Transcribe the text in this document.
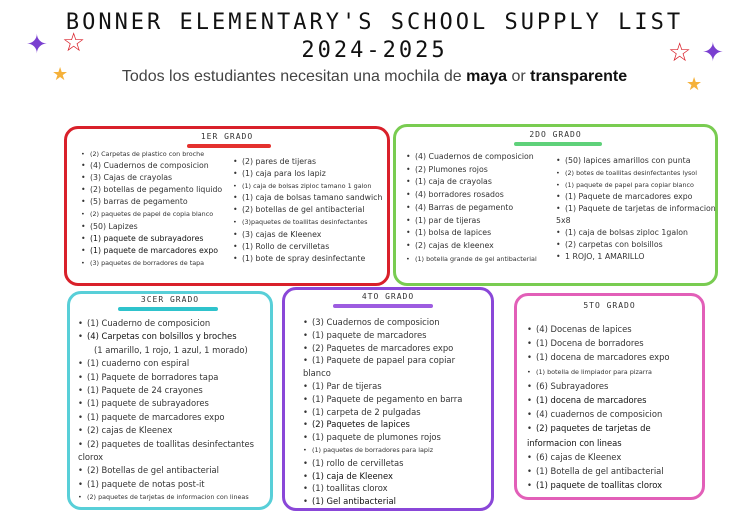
BONNER ELEMENTARY'S SCHOOL SUPPLY LIST
2024-2025
Todos los estudiantes necesitan una mochila de maya or transparente
✦ ☆
★
☆ ✦
★
1ER GRADO
• (2) Carpetas de plastico con broche
• (4) Cuadernos de composicion
• (3) Cajas de crayolas
• (2) botellas de pegamento liquido
• (5) barras de pegamento
• (2) paquetes de papel de copia blanco
• (50) Lapizes
• (1) paquete de subrayadores
• (1) paquete de marcadores expo
• (3) paquetes de borradores de tapa
• (2) pares de tijeras
• (1) caja para los lapiz
• (1) caja de bolsas ziploc tamano 1 galon
• (1) caja de bolsas tamano sandwich
• (2) botellas de gel antibacterial
• (3)paquetes de toallitas desinfectantes
• (3) cajas de Kleenex
• (1) Rollo de cervilletas
• (1) bote de spray desinfectante
2DO GRADO
• (4) Cuadernos de composicion
• (2) Plumones rojos
• (1) caja de crayolas
• (4) borradores rosados
• (4) Barras de pegamento
• (1) par de tijeras
• (1) bolsa de lapices
• (2) cajas de kleenex
• (1) botella grande de gel antibacterial
• (50) lapices amarillos con punta
• (2) botes de toallitas desinfectantes lysol
• (1) paquete de papel para copiar blanco
• (1) Paquete de marcadores expo
• (1) Paquete de tarjetas de informacion
5x8
• (1) caja de bolsas ziploc 1galon
• (2) carpetas con bolsillos
• 1 ROJO, 1 AMARILLO
3CER GRADO
• (1) Cuaderno de composicion
• (4) Carpetas con bolsillos y broches
(1 amarillo, 1 rojo, 1 azul, 1 morado)
• (1) cuaderno con espiral
• (1) Paquete de borradores tapa
• (1) Paquete de 24 crayones
• (1) paquete de subrayadores
• (1) paquete de marcadores expo
• (2) cajas de Kleenex
• (2) paquetes de toallitas desinfectantes
clorox
• (2) Botellas de gel antibacterial
• (1) paquete de notas post-it
• (2) paquetes de tarjetas de informacion con lineas
4TO GRADO
• (3) Cuadernos de composicion
• (1) paquete de marcadores
• (2) Paquetes de marcadores expo
• (1) Paquete de papael para copiar
blanco
• (1) Par de tijeras
• (1) Paquete de pegamento en barra
• (1) carpeta de 2 pulgadas
• (2) Paquetes de lapices
• (1) paquete de plumones rojos
• (1) paquetes de borradores para lapiz
• (1) rollo de cervilletas
• (1) caja de Kleenex
• (1) toallitas clorox
• (1) Gel antibacterial
5TO GRADO
• (4) Docenas de lapices
• (1) Docena de borradores
• (1) docena de marcadores expo
• (1) botella de limpiador para pizarra
• (6) Subrayadores
• (1) docena de marcadores
• (4) cuadernos de composicion
• (2) paquetes de tarjetas de
informacion con lineas
• (6) cajas de Kleenex
• (1) Botella de gel antibacterial
• (1) paquete de toallitas clorox
